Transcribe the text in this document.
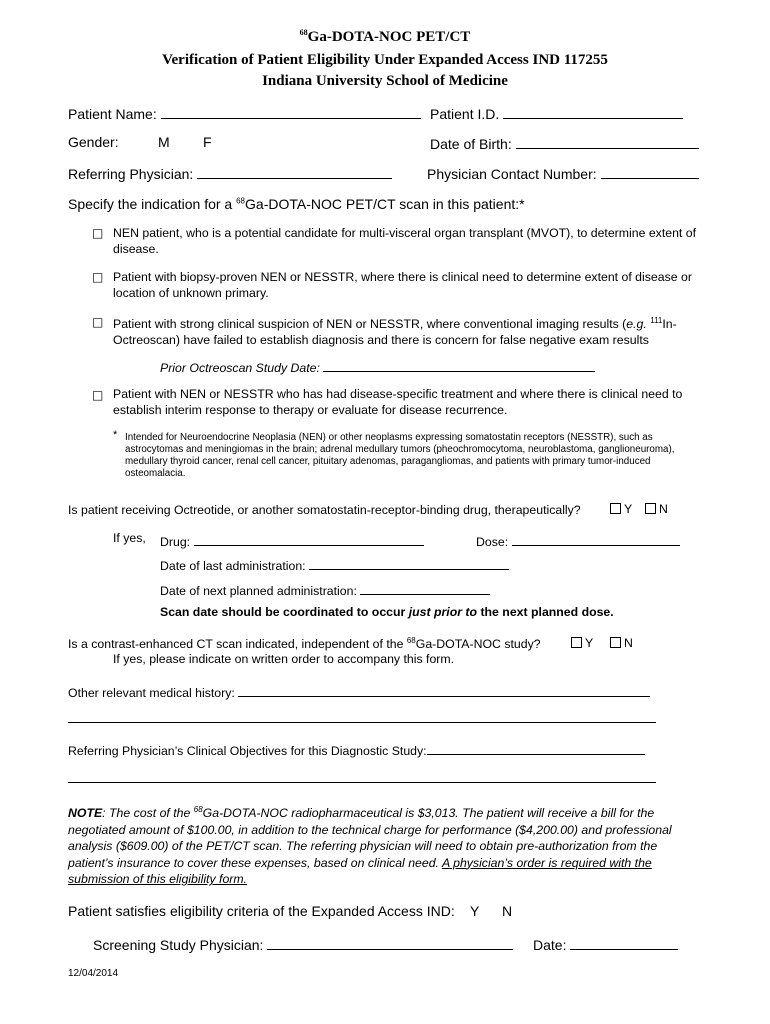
$^{68}$Ga-DOTA-NOC PET/CT
Verification of Patient Eligibility Under Expanded Access IND 117255
Indiana University School of Medicine
Patient Name:	Patient I.D.
Gender:	M F	Date of Birth:
Referring Physician:	Physician Contact Number:
Specify the indication for a $^{68}$Ga-DOTA-NOC PET/CT scan in this patient:*
□ NEN patient, who is a potential candidate for multi-visceral organ transplant (MVOT), to determine extent of disease.
□ Patient with biopsy-proven NEN or NESSTR, where there is clinical need to determine extent of disease or location of unknown primary.
□ Patient with strong clinical suspicion of NEN or NESSTR, where conventional imaging results (e.g. $^{111}$In-Octreoscan) have failed to establish diagnosis and there is concern for false negative exam results
Prior Octreoscan Study Date:
□ Patient with NEN or NESSTR who has had disease-specific treatment and where there is clinical need to establish interim response to therapy or evaluate for disease recurrence.
* Intended for Neuroendocrine Neoplasia (NEN) or other neoplasms expressing somatostatin receptors (NESSTR), such as astrocytomas and meningiomas in the brain; adrenal medullary tumors (pheochromocytoma, neuroblastoma, ganglioneuroma), medullary thyroid cancer, renal cell cancer, pituitary adenomas, paragangliomas, and patients with primary tumor-induced osteomalacia.
Is patient receiving Octreotide, or another somatostatin-receptor-binding drug, therapeutically?	Y	N
If yes, Drug:	Dose:
Date of last administration:
Date of next planned administration:
Scan date should be coordinated to occur just prior to the next planned dose.
Is a contrast-enhanced CT scan indicated, independent of the $^{68}$Ga-DOTA-NOC study?	Y	N
If yes, please indicate on written order to accompany this form.
Other relevant medical history:
Referring Physician’s Clinical Objectives for this Diagnostic Study:
NOTE: The cost of the $^{68}$Ga-DOTA-NOC radiopharmaceutical is $3,013. The patient will receive a bill for the negotiated amount of $100.00, in addition to the technical charge for performance ($4,200.00) and professional analysis ($609.00) of the PET/CT scan. The referring physician will need to obtain pre-authorization from the patient’s insurance to cover these expenses, based on clinical need. A physician’s order is required with the submission of this eligibility form.
Patient satisfies eligibility criteria of the Expanded Access IND: Y N
Screening Study Physician:	Date:
12/04/2014
